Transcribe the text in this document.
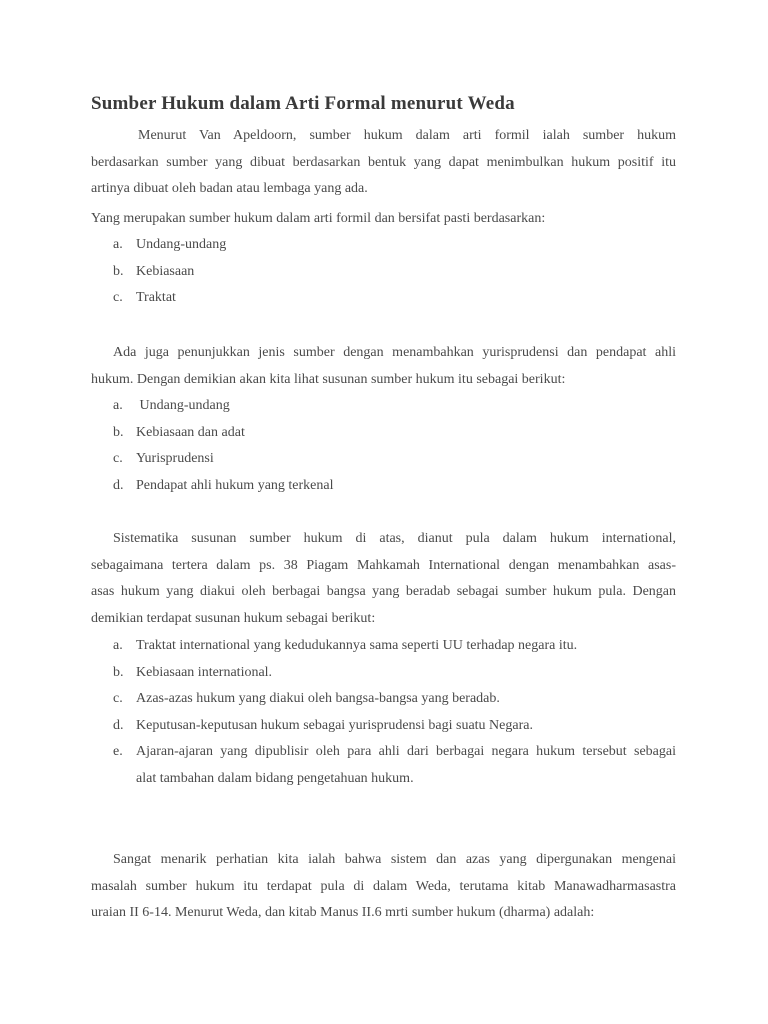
Sumber Hukum dalam Arti Formal menurut Weda
Menurut Van Apeldoorn, sumber hukum dalam arti formil ialah sumber hukum
berdasarkan sumber yang dibuat berdasarkan bentuk yang dapat menimbulkan hukum positif itu
artinya dibuat oleh badan atau lembaga yang ada.
Yang merupakan sumber hukum dalam arti formil dan bersifat pasti berdasarkan:
a. Undang-undang
b. Kebiasaan
c. Traktat
Ada juga penunjukkan jenis sumber dengan menambahkan yurisprudensi dan pendapat ahli
hukum. Dengan demikian akan kita lihat susunan sumber hukum itu sebagai berikut:
a. Undang-undang
b. Kebiasaan dan adat
c. Yurisprudensi
d. Pendapat ahli hukum yang terkenal
Sistematika susunan sumber hukum di atas, dianut pula dalam hukum international,
sebagaimana tertera dalam ps. 38 Piagam Mahkamah International dengan menambahkan asas-
asas hukum yang diakui oleh berbagai bangsa yang beradab sebagai sumber hukum pula. Dengan
demikian terdapat susunan hukum sebagai berikut:
a. Traktat international yang kedudukannya sama seperti UU terhadap negara itu.
b. Kebiasaan international.
c. Azas-azas hukum yang diakui oleh bangsa-bangsa yang beradab.
d. Keputusan-keputusan hukum sebagai yurisprudensi bagi suatu Negara.
e. Ajaran-ajaran yang dipublisir oleh para ahli dari berbagai negara hukum tersebut sebagai
alat tambahan dalam bidang pengetahuan hukum.
Sangat menarik perhatian kita ialah bahwa sistem dan azas yang dipergunakan mengenai
masalah sumber hukum itu terdapat pula di dalam Weda, terutama kitab Manawadharmasastra
uraian II 6-14. Menurut Weda, dan kitab Manus II.6 mrti sumber hukum (dharma) adalah:
